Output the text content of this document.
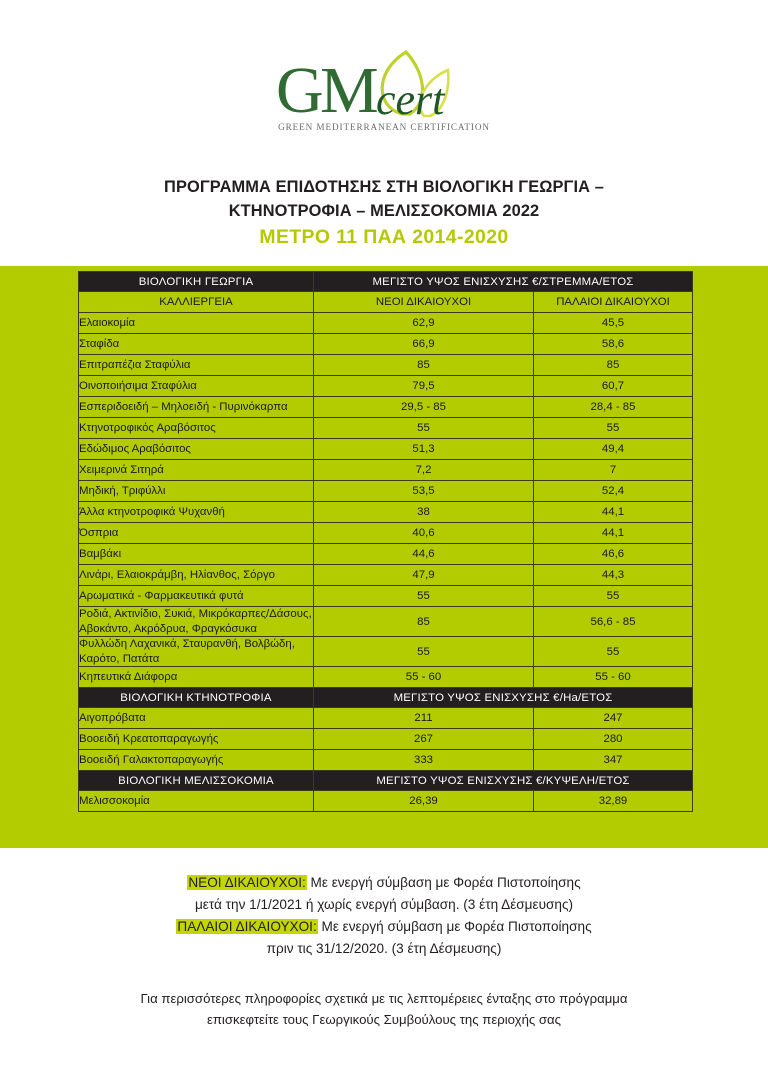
G
M
cert
GREEN MEDITERRANEAN CERTIFICATION
ΠΡΟΓΡΑΜΜΑ ΕΠΙΔΟΤΗΣΗΣ ΣΤΗ ΒΙΟΛΟΓΙΚΗ ΓΕΩΡΓΙΑ –
ΚΤΗΝΟΤΡΟΦΙΑ – ΜΕΛΙΣΣΟΚΟΜΙΑ 2022
ΜΕΤΡΟ 11 ΠΑΑ 2014-2020
ΒΙΟΛΟΓΙΚΗ ΓΕΩΡΓΙΑ	ΜΕΓΙΣΤΟ ΥΨΟΣ ΕΝΙΣΧΥΣΗΣ €/ΣΤΡΕΜΜΑ/ΕΤΟΣ	
ΚΑΛΛΙΕΡΓΕΙΑ	ΝΕΟΙ ΔΙΚΑΙΟΥΧΟΙ	ΠΑΛΑΙΟΙ ΔΙΚΑΙΟΥΧΟΙ
Ελαιοκομία	62,9	45,5
Σταφίδα	66,9	58,6
Επιτραπέζια Σταφύλια	85	85
Οινοποιήσιμα Σταφύλια	79,5	60,7
Εσπεριδοειδή – Μηλοειδή - Πυρινόκαρπα	29,5 - 85	28,4 - 85
Κτηνοτροφικός Αραβόσιτος	55	55
Εδώδιμος Αραβόσιτος	51,3	49,4
Χειμερινά Σιτηρά	7,2	7
Μηδική, Τριφύλλι	53,5	52,4
Άλλα κτηνοτροφικά Ψυχανθή	38	44,1
Όσπρια	40,6	44,1
Βαμβάκι	44,6	46,6
Λινάρι, Ελαιοκράμβη, Ηλίανθος, Σόργο	47,9	44,3
Αρωματικά - Φαρμακευτικά φυτά	55	55
Ροδιά, Ακτινίδιο, Συκιά, Μικρόκαρπες/Δάσους, Αβοκάντο, Ακρόδρυα, Φραγκόσυκα	85	56,6 - 85
Φυλλώδη Λαχανικά, Σταυρανθή, Βολβώδη, Καρότο, Πατάτα	55	55
Κηπευτικά Διάφορα	55 - 60	55 - 60
ΒΙΟΛΟΓΙΚΗ ΚΤΗΝΟΤΡΟΦΙΑ	ΜΕΓΙΣΤΟ ΥΨΟΣ ΕΝΙΣΧΥΣΗΣ €/Ηa/ΕΤΟΣ	
Αιγοπρόβατα	211	247
Βοοειδή Κρεατοπαραγωγής	267	280
Βοοειδή Γαλακτοπαραγωγής	333	347
ΒΙΟΛΟΓΙΚΗ ΜΕΛΙΣΣΟΚΟΜΙΑ	ΜΕΓΙΣΤΟ ΥΨΟΣ ΕΝΙΣΧΥΣΗΣ €/ΚΥΨΕΛΗ/ΕΤΟΣ	
Μελισσοκομία	26,39	32,89
ΝΕΟΙ ΔΙΚΑΙΟΥΧΟΙ: Με ενεργή σύμβαση με Φορέα Πιστοποίησης
μετά την 1/1/2021 ή χωρίς ενεργή σύμβαση. (3 έτη Δέσμευσης)
ΠΑΛΑΙΟΙ ΔΙΚΑΙΟΥΧΟΙ: Με ενεργή σύμβαση με Φορέα Πιστοποίησης
πριν τις 31/12/2020. (3 έτη Δέσμευσης)
Για περισσότερες πληροφορίες σχετικά με τις λεπτομέρειες ένταξης στο πρόγραμμα
επισκεφτείτε τους Γεωργικούς Συμβούλους της περιοχής σας
